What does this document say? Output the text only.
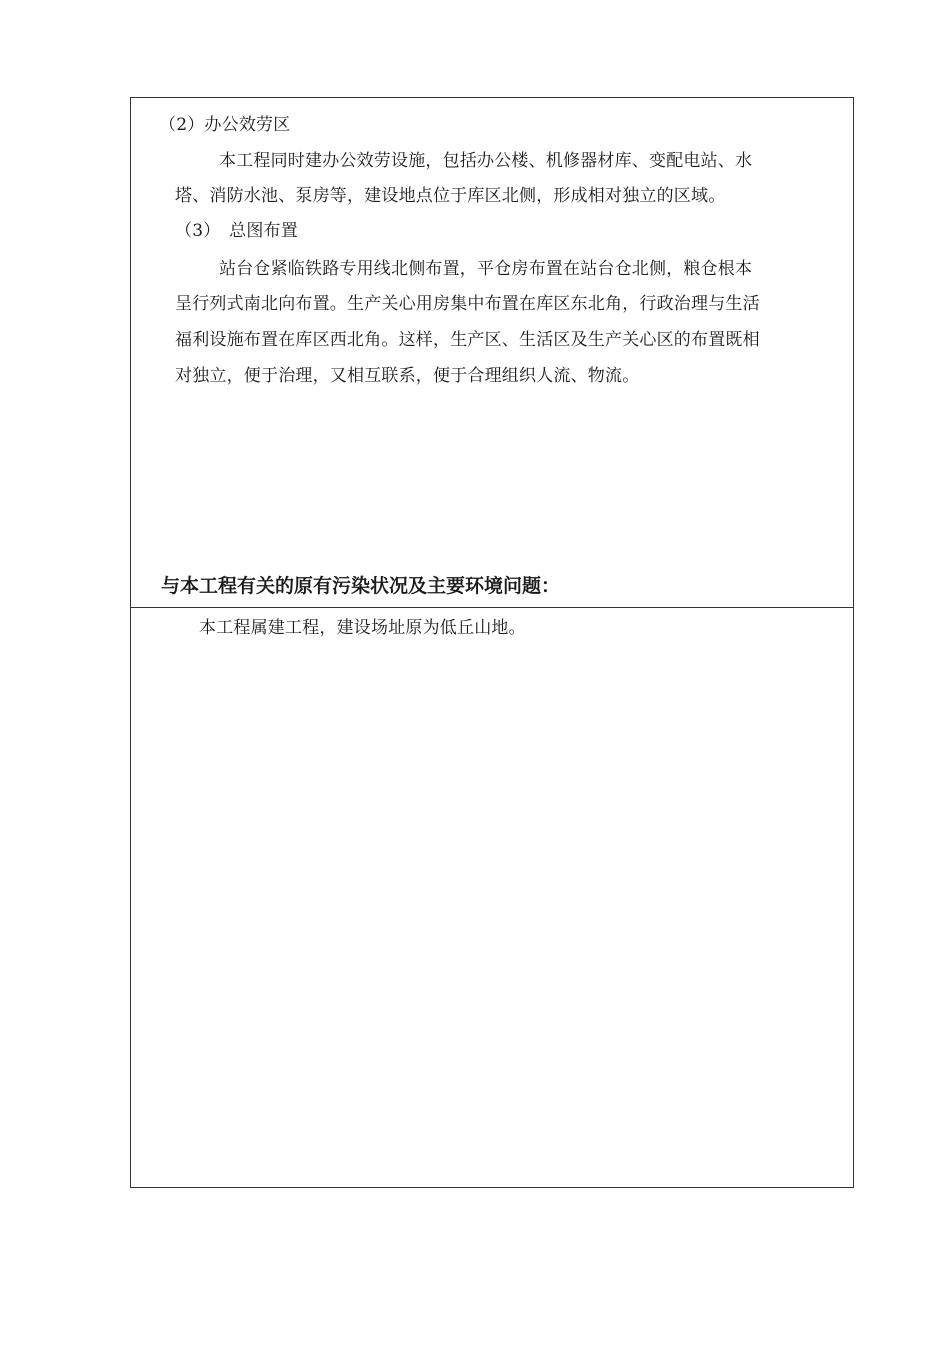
（2）办公效劳区
本工程同时建办公效劳设施，包括办公楼、机修器材库、变配电站、水
塔、消防水池、泵房等，建设地点位于库区北侧，形成相对独立的区域。
（3）　总图布置
站台仓紧临铁路专用线北侧布置，平仓房布置在站台仓北侧，粮仓根本
呈行列式南北向布置。生产关心用房集中布置在库区东北角，行政治理与生活
福利设施布置在库区西北角。这样，生产区、生活区及生产关心区的布置既相
对独立，便于治理，又相互联系，便于合理组织人流、物流。
与本工程有关的原有污染状况及主要环境问题：
本工程属建工程，建设场址原为低丘山地。
